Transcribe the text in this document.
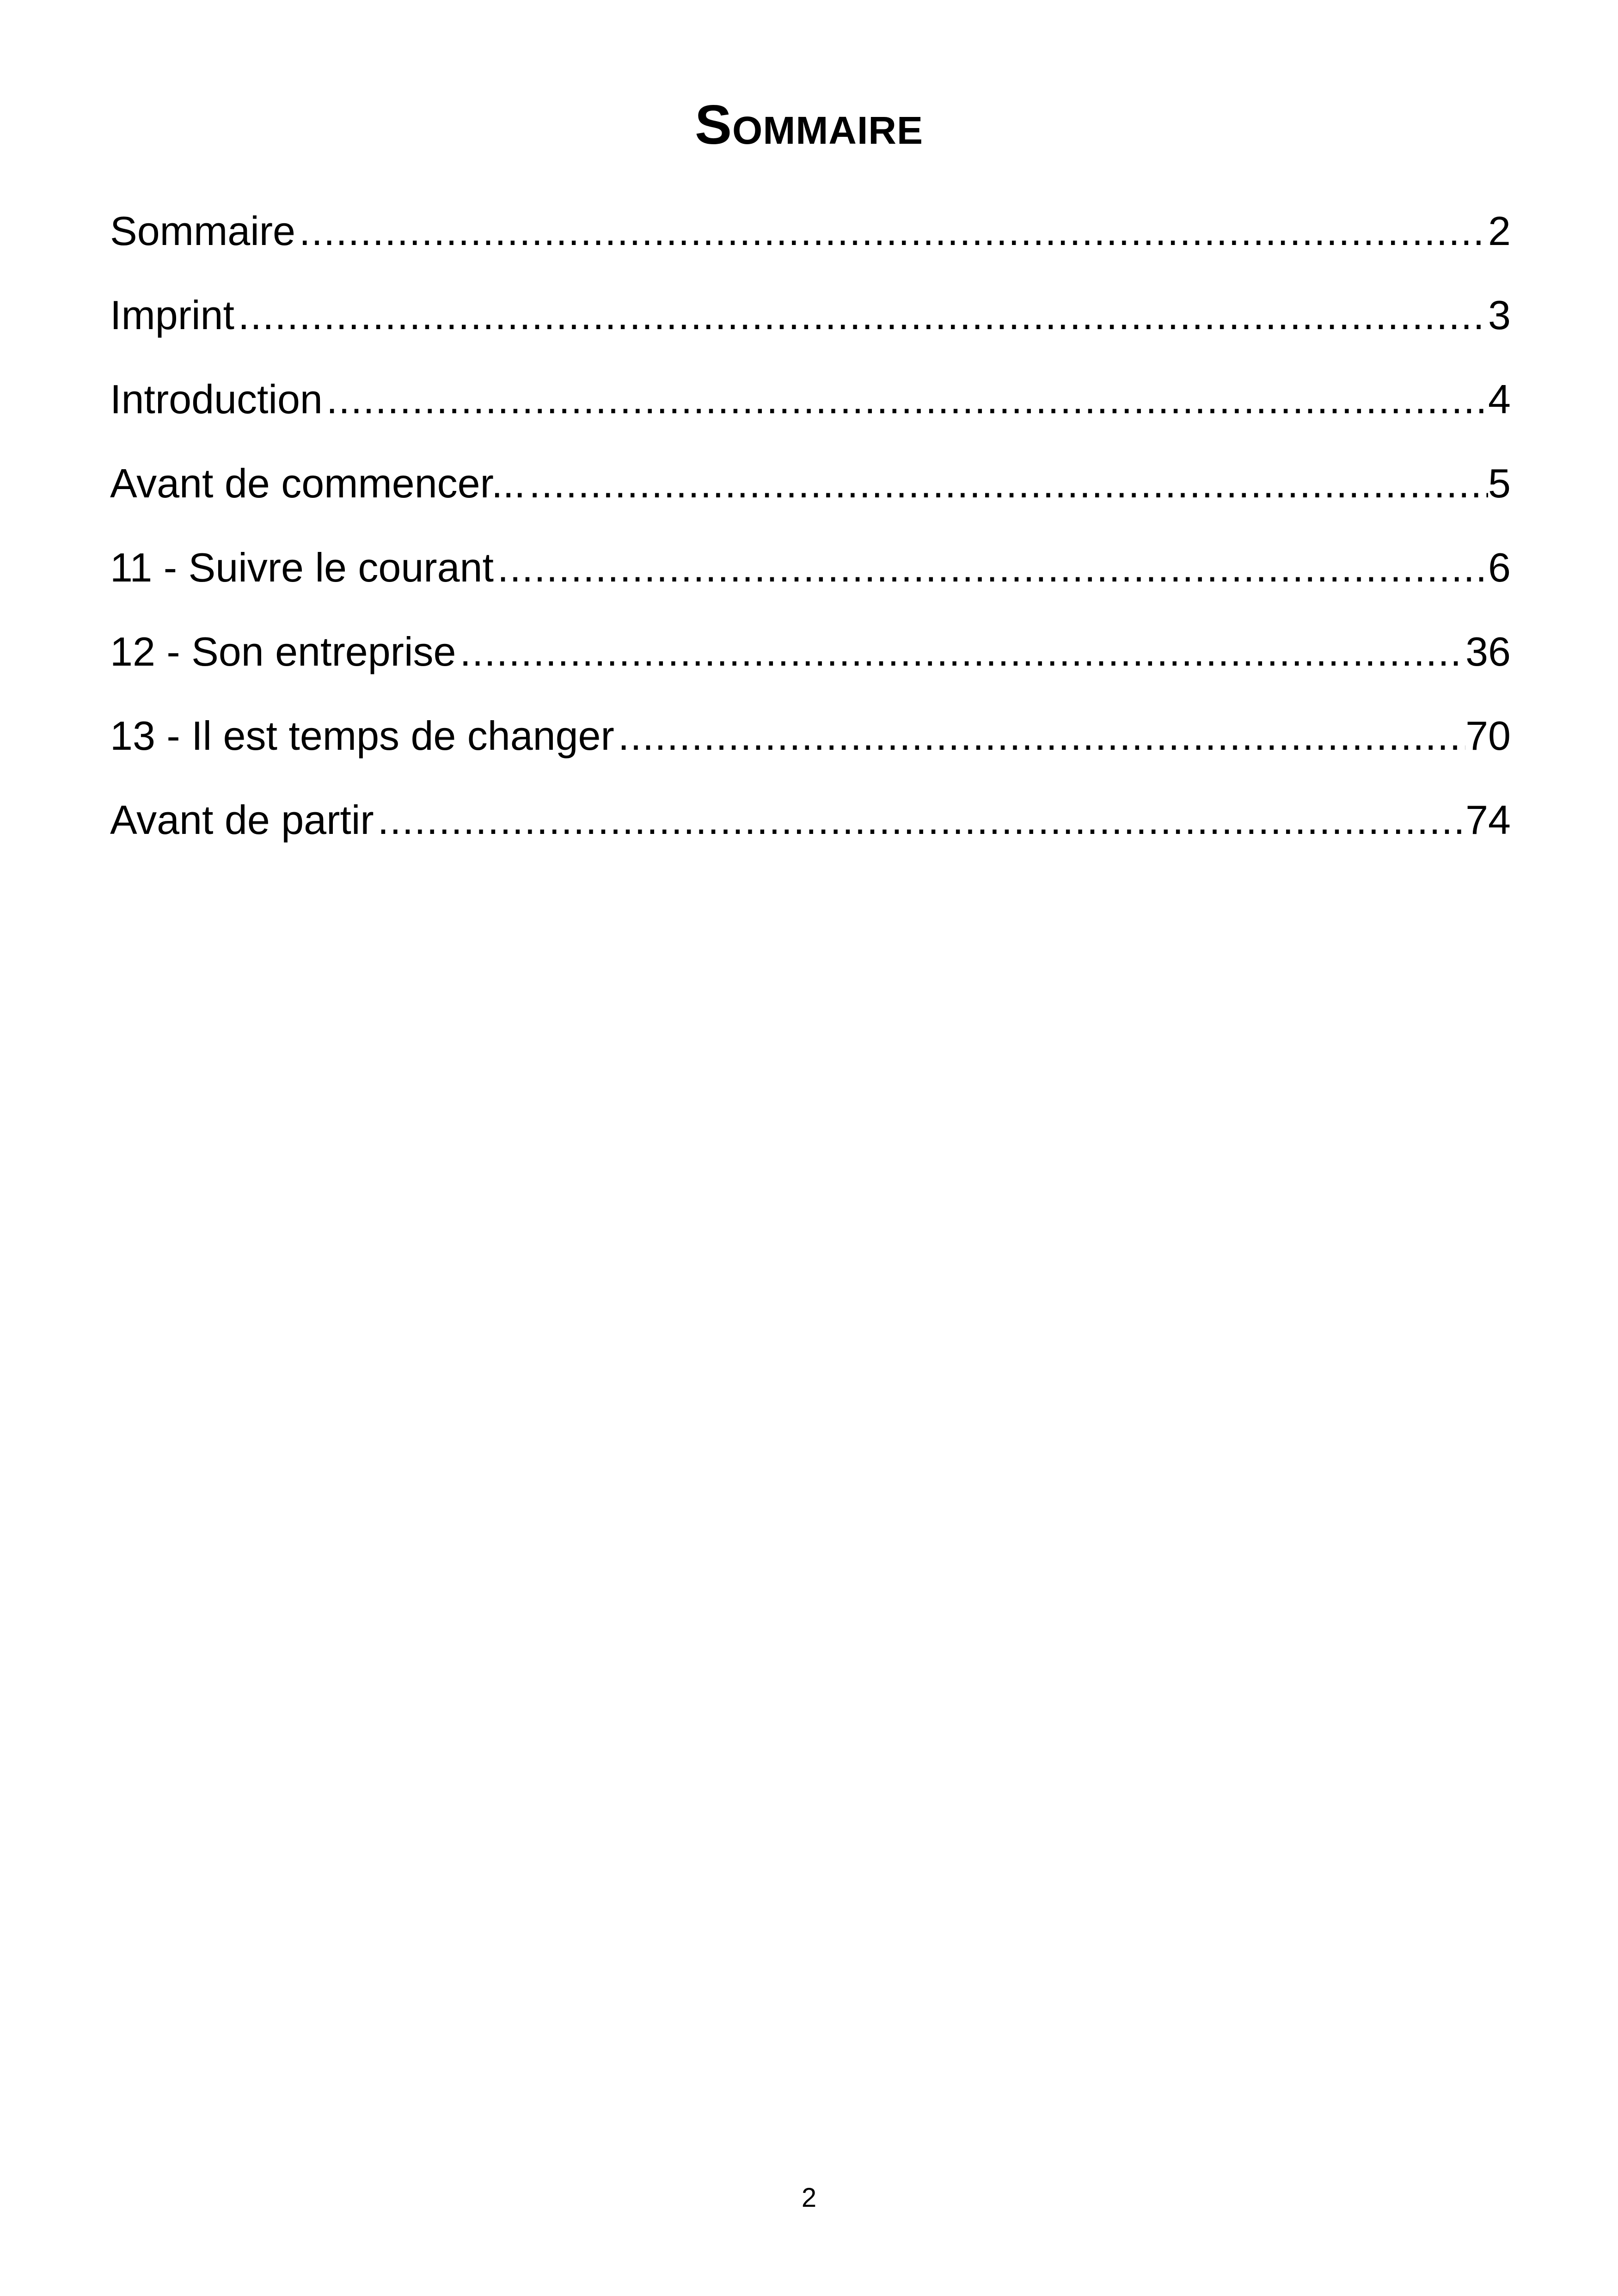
Sommaire
Sommaire .....	2
Imprint .....	3
Introduction .....	4
Avant de commencer... .....	5
11 - Suivre le courant .....	6
12 - Son entreprise .....	36
13 - Il est temps de changer .....	70
Avant de partir .....	74
2
